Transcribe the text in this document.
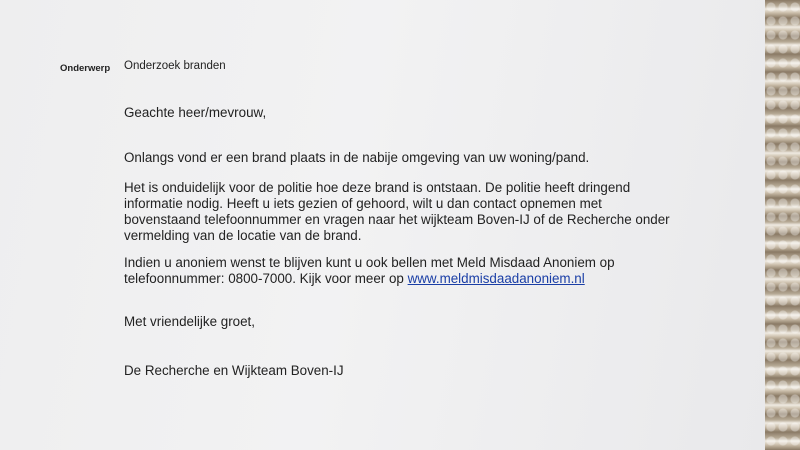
Onderwerp Onderzoek branden
Geachte heer/mevrouw,
Onlangs vond er een brand plaats in de nabije omgeving van uw woning/pand.
Het is onduidelijk voor de politie hoe deze brand is ontstaan. De politie heeft dringend
informatie nodig. Heeft u iets gezien of gehoord, wilt u dan contact opnemen met
bovenstaand telefoonnummer en vragen naar het wijkteam Boven-IJ of de Recherche onder
vermelding van de locatie van de brand.
Indien u anoniem wenst te blijven kunt u ook bellen met Meld Misdaad Anoniem op
telefoonnummer: 0800-7000. Kijk voor meer op www.meldmisdaadanoniem.nl
Met vriendelijke groet,
De Recherche en Wijkteam Boven-IJ
